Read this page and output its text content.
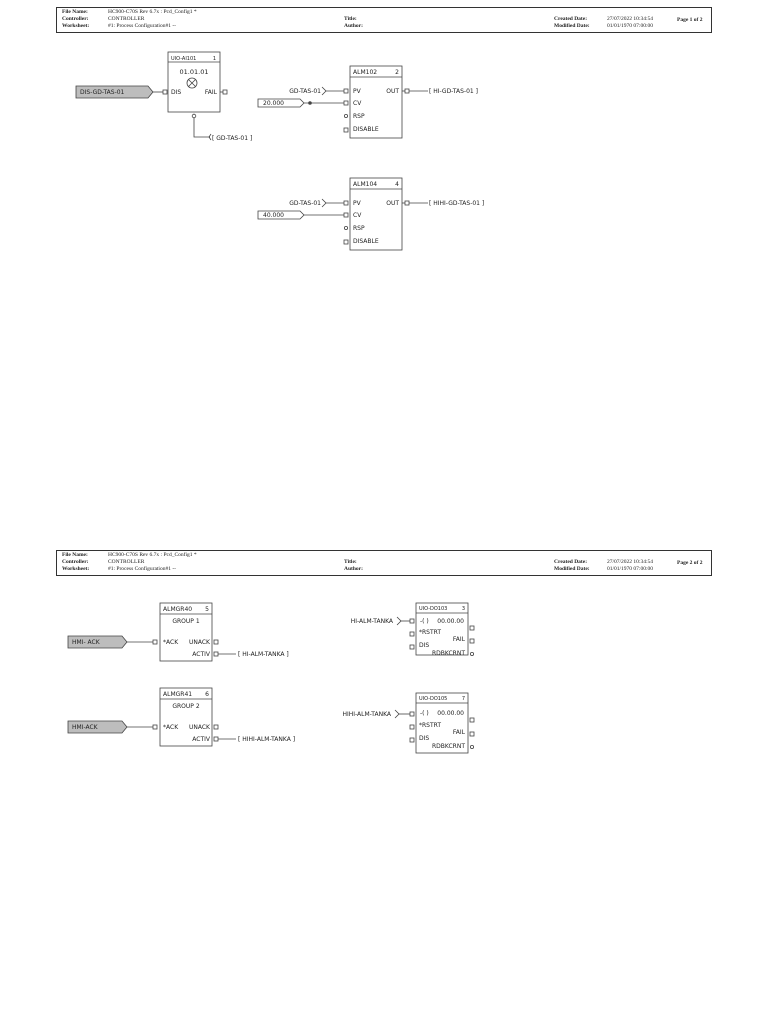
File Name:	HC900-C70S Rev 6.7x : Pcd_Config1 *
Controller:	CONTROLLER
Worksheet:	#1: Process Configuration#1 --
Title:
Author:
Created Date:	27/07/2022 10:34:54
Modified Date:	01/01/1970 07:00:00
Page 1 of 2
File Name:	HC900-C70S Rev 6.7x : Pcd_Config1 *
Controller:	CONTROLLER
Worksheet:	#1: Process Configuration#1 --
Title:
Author:
Created Date:	27/07/2022 10:34:54
Modified Date:	01/01/1970 07:00:00
Page 2 of 2
UIO-AI101	1
01.01.01
DIS	FAIL
DIS-GD-TAS-01
[ GD-TAS-01 ]
ALM102	2
PV
CV
RSP
DISABLE
OUT
GD-TAS-01
20.000
[ HI-GD-TAS-01 ]
ALM104	4
PV
CV
RSP
DISABLE
OUT
GD-TAS-01
40.000
[ HIHI-GD-TAS-01 ]
ALMGR40 5
GROUP 1
*ACK UNACK
ACTIV
HMI- ACK
[ HI-ALM-TANKA ]
ALMGR41 6
GROUP 2
*ACK UNACK
ACTIV
HMI-ACK
[ HIHI-ALM-TANKA ]
UIO-DO103	3
-( ) 00.00.00
*RSTRT
FAIL
DIS
RDBKCRNT
HI-ALM-TANKA
UIO-DO105	7
-( ) 00.00.00
*RSTRT
FAIL
DIS
RDBKCRNT
HIHI-ALM-TANKA
